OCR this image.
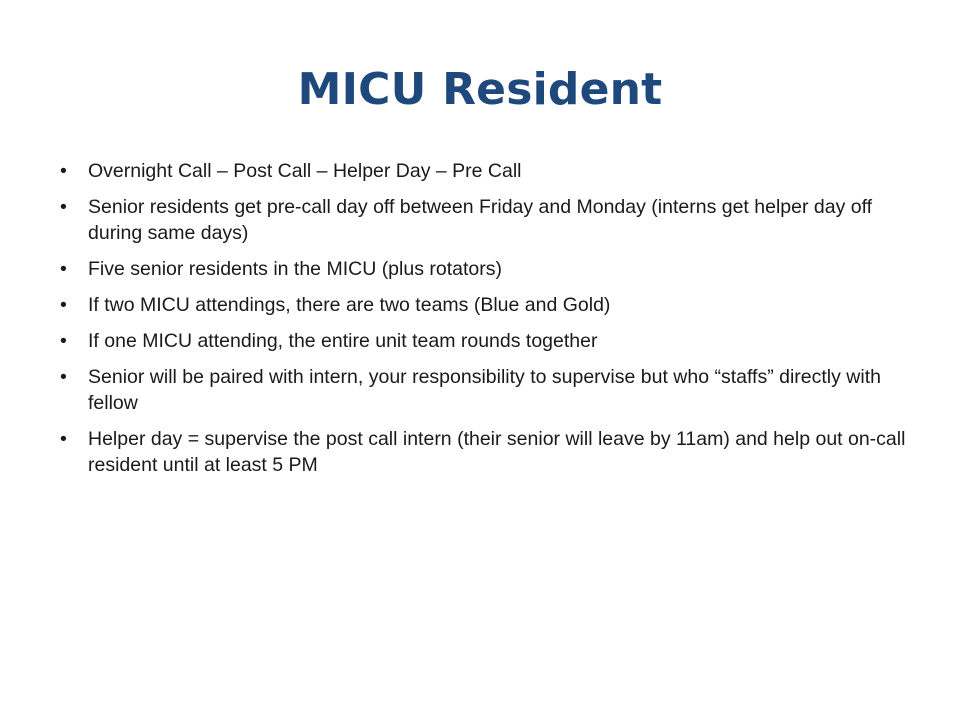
MICU Resident
•	Overnight Call – Post Call – Helper Day – Pre Call
•	Senior residents get pre-call day off between Friday and Monday (interns get helper day off during same days)
•	Five senior residents in the MICU (plus rotators)
•	If two MICU attendings, there are two teams (Blue and Gold)
•	If one MICU attending, the entire unit team rounds together
•	Senior will be paired with intern, your responsibility to supervise but who “staffs” directly with fellow
•	Helper day = supervise the post call intern (their senior will leave by 11am) and help out on-call resident until at least 5 PM
